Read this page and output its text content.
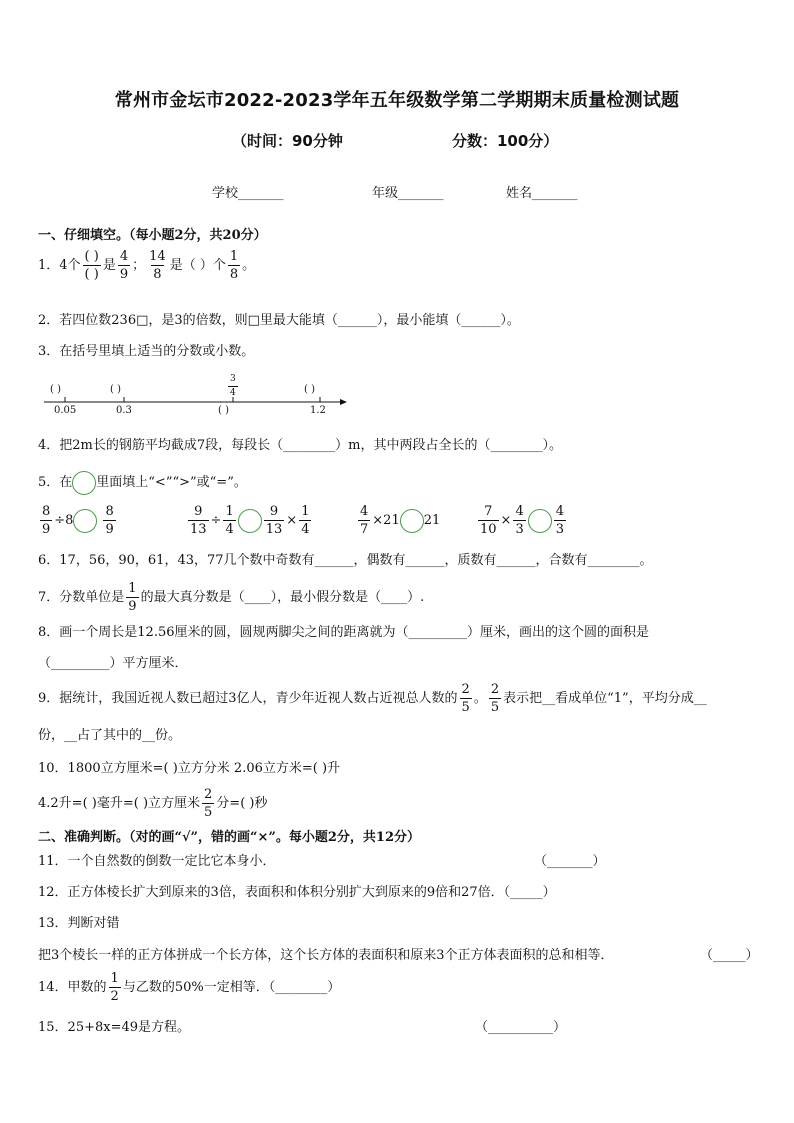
常州市金坛市2022-2023学年五年级数学第二学期期末质量检测试题
（时间：90分钟	分数：100分）
学校_______	年级_______	姓名_______
一、仔细填空。（每小题2分，共20分）
1．4个 $\frac{( )}{( )}$ 是 $\frac{4}{9}$ ； $\frac{14}{8}$ 是（ ）个 $\frac{1}{8}$ 。
2．若四位数236□，是3的倍数，则□里最大能填（______），最小能填（______）。
3．在括号里填上适当的分数或小数。
( )	( )	( )
0.05	0.3	1.2
$\frac{3}{4}$
( )
4．把2m长的钢筋平均截成7段，每段长（________）m，其中两段占全长的（________）。
5．在 里面填上“<”“>”或“=”。
$\frac{8}{9} \div 8 \frac{8}{9}$	$\frac{9}{13} \div \frac{1}{4} \frac{9}{13} \times \frac{1}{4}$	$\frac{4}{7} \times 21$ 21	$\frac{7}{10} \times \frac{4}{3} \frac{4}{3}$
6．17，56，90，61，43，77几个数中奇数有______，偶数有______，质数有______，合数有________。
7．分数单位是 $\frac{1}{9}$ 的最大真分数是（____），最小假分数是（____）.
8．画一个周长是12.56厘米的圆，圆规两脚尖之间的距离就为（_________）厘米，画出的这个圆的面积是
（_________）平方厘米．
9．据统计，我国近视人数已超过3亿人，青少年近视人数占近视总人数的 $\frac{2}{5}$ 。 $\frac{2}{5}$ 表示把__看成单位“1”，平均分成__
份，__占了其中的__份。
10．1800立方厘米=( )立方分米 2.06立方米=( )升
4.2升=( )毫升=( )立方厘米 $\frac{2}{5}$ 分=( )秒
二、准确判断。（对的画“√”，错的画“×”。每小题2分，共12分）
11．一个自然数的倒数一定比它本身小．	（_______）
12．正方体棱长扩大到原来的3倍，表面积和体积分别扩大到原来的9倍和27倍．（_____）
13．判断对错
把3个棱长一样的正方体拼成一个长方体，这个长方体的表面积和原来3个正方体表面积的总和相等．	（_____）
14．甲数的 $\frac{1}{2}$ 与乙数的50%一定相等．（________）
15．25+8x=49是方程。	（__________）
